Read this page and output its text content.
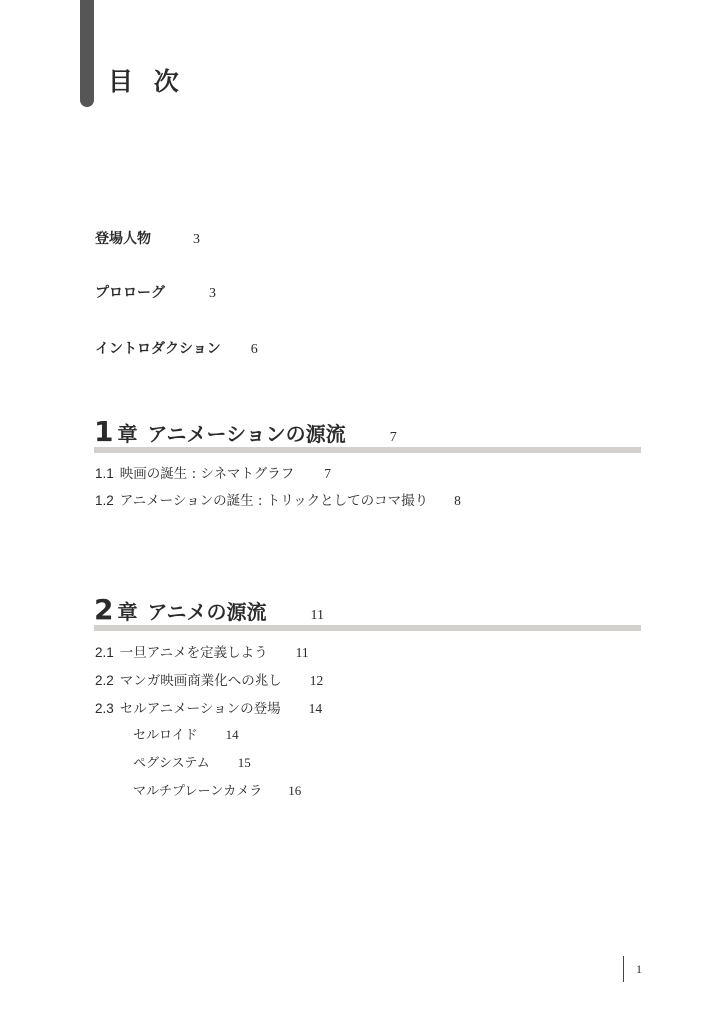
目 次
登場人物	3
プロローグ	3
イントロダクション 6
1 章 アニメーションの源流	7
1.1 映画の誕生 : シネマトグラフ 7
1.2 アニメーションの誕生 : トリックとしてのコマ撮り 8
2 章 アニメの源流	11
2.1 一旦アニメを定義しよう 11
2.2 マンガ映画商業化への兆し 12
2.3 セルアニメーションの登場 14
セルロイド 14
ペグシステム 15
マルチプレーンカメラ 16
1
